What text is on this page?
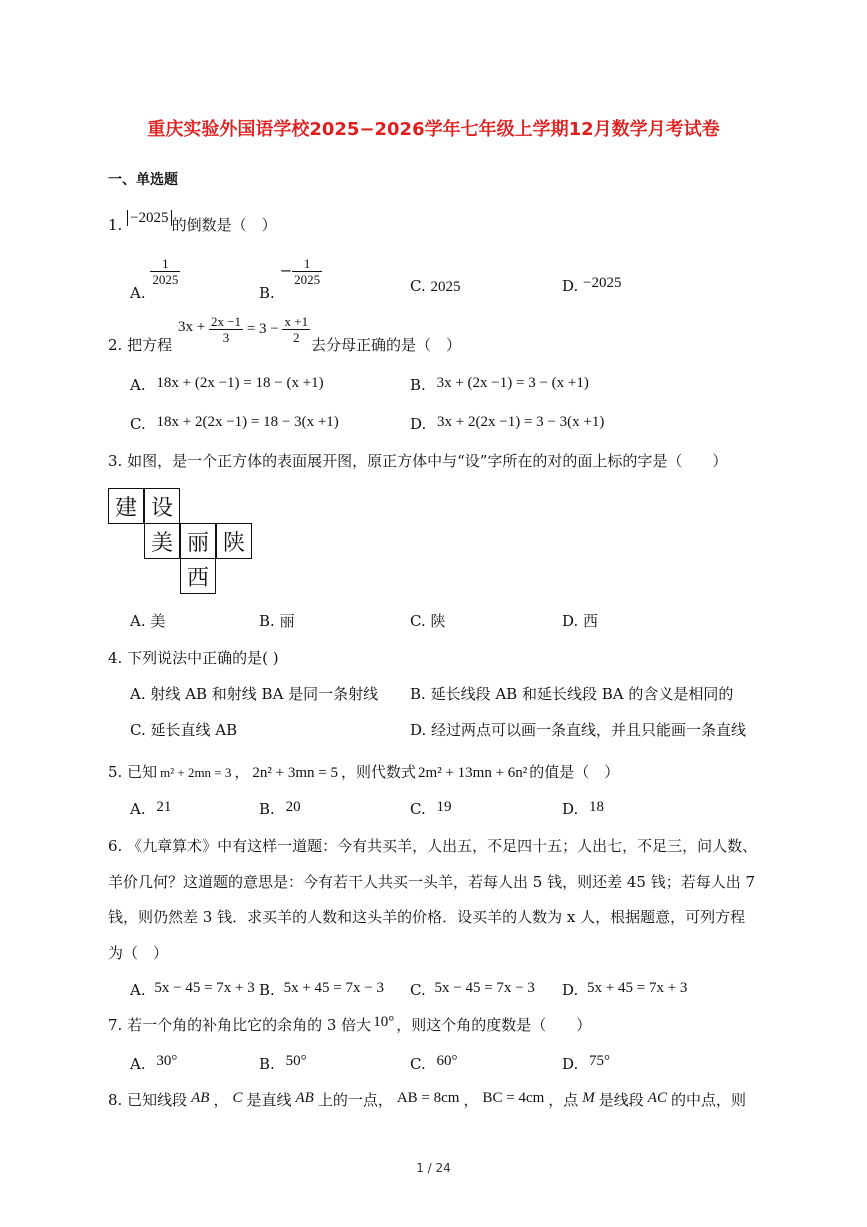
重庆实验外国语学校2025−2026学年七年级上学期12月数学月考试卷
一、单选题
1. −2025 的倒数是（　）
A.
$\frac{1}{2025}$
B. − $\frac{1}{2025}$	C. 2025	D. −2025
2. 把方程
$3x + \frac{2x -1}{3} = 3 - \frac{x +1}{2}$ 去分母正确的是（　）
A. 18x + (2x −1) = 18 − (x +1)	B. 3x + (2x −1) = 3 − (x +1)
C. 18x + 2(2x −1) = 18 − 3(x +1)	D. 3x + 2(2x −1) = 3 − 3(x +1)
3. 如图，是一个正方体的表面展开图，原正方体中与“设”字所在的对的面上标的字是（　　）
建 设
美 丽 陕
西
A. 美	B. 丽	C. 陕	D. 西
4. 下列说法中正确的是( )
A. 射线 AB 和射线 BA 是同一条射线 B. 延长线段 AB 和延长线段 BA 的含义是相同的
C. 延长直线 AB	D. 经过两点可以画一条直线，并且只能画一条直线
5. 已知 m² + 2mn = 3 ， 2n² + 3mn = 5 ，则代数式 2m² + 13mn + 6n² 的值是（　）
A. 21	B. 20	C. 19	D. 18
6. 《九章算术》中有这样一道题：今有共买羊，人出五，不足四十五；人出七，不足三，问人数、
羊价几何？这道题的意思是：今有若干人共买一头羊，若每人出 5 钱，则还差 45 钱；若每人出 7
钱，则仍然差 3 钱．求买羊的人数和这头羊的价格．设买羊的人数为 x 人，根据题意，可列方程
为（　）
A. 5x − 45 = 7x + 3 B. 5x + 45 = 7x − 3 C. 5x − 45 = 7x − 3 D. 5x + 45 = 7x + 3
7. 若一个角的补角比它的余角的 3 倍大 10° ，则这个角的度数是（　　）
A. 30°	B. 50°	C. 60°	D. 75°
8. 已知线段 AB ， C 是直线 AB 上的一点， AB = 8cm ， BC = 4cm ，点 M 是线段 AC 的中点，则
1 / 24
